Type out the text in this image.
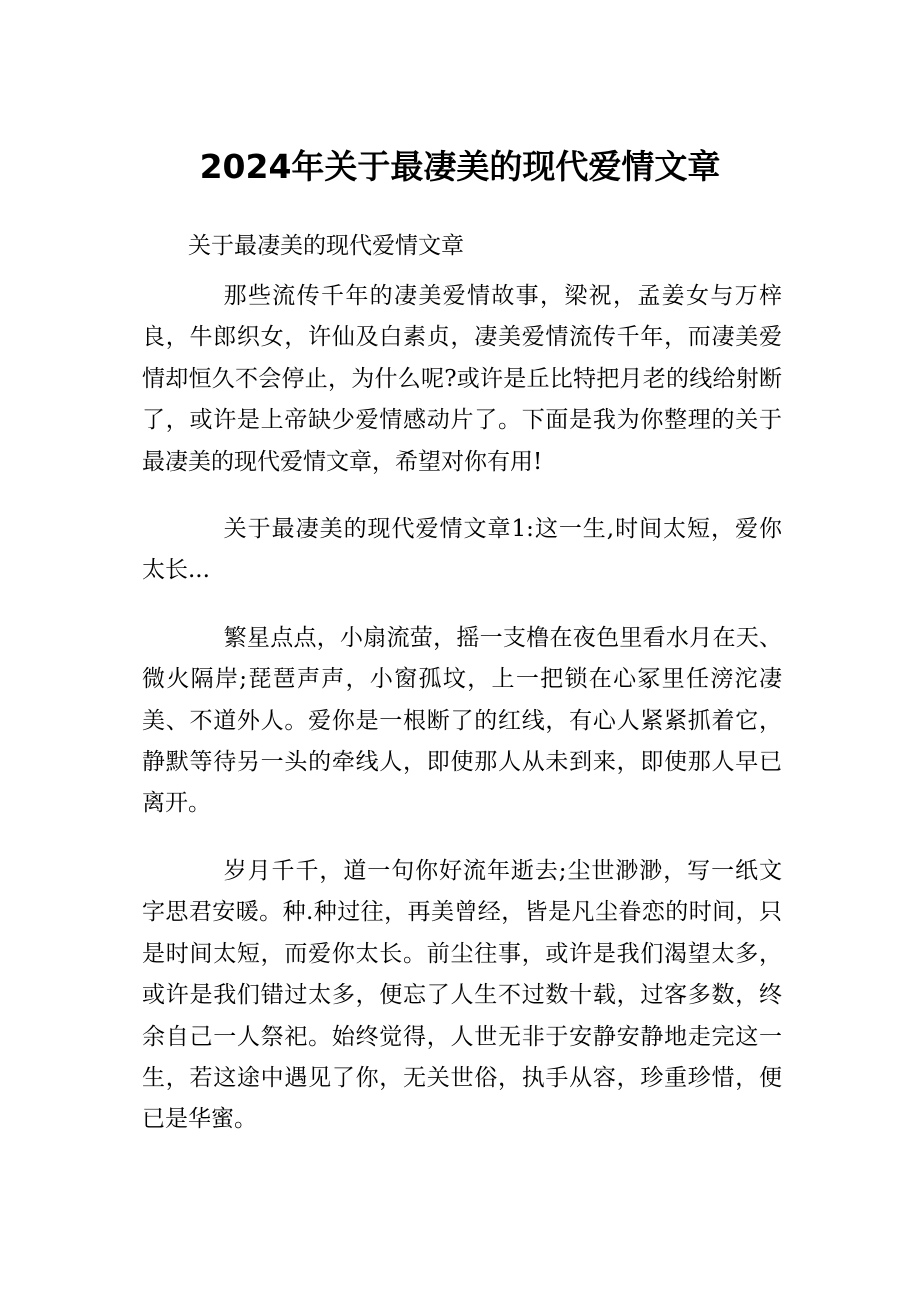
2024年关于最凄美的现代爱情文章

关于最凄美的现代爱情文章

那些流传千年的凄美爱情故事，梁祝，孟姜女与万梓良，牛郎织女，许仙及白素贞，凄美爱情流传千年，而凄美爱情却恒久不会停止，为什么呢?或许是丘比特把月老的线给射断了，或许是上帝缺少爱情感动片了。下面是我为你整理的关于最凄美的现代爱情文章，希望对你有用!

关于最凄美的现代爱情文章1:这一生,时间太短，爱你太长...

繁星点点，小扇流萤，摇一支橹在夜色里看水月在天、微火隔岸;琵琶声声，小窗孤坟，上一把锁在心冢里任滂沱凄美、不道外人。爱你是一根断了的红线，有心人紧紧抓着它，静默等待另一头的牵线人，即使那人从未到来，即使那人早已离开。

岁月千千，道一句你好流年逝去;尘世渺渺，写一纸文字思君安暖。种.种过往，再美曾经，皆是凡尘眷恋的时间，只是时间太短，而爱你太长。前尘往事，或许是我们渴望太多，或许是我们错过太多，便忘了人生不过数十载，过客多数，终余自己一人祭祀。始终觉得，人世无非于安静安静地走完这一生，若这途中遇见了你，无关世俗，执手从容，珍重珍惜，便已是华蜜。
